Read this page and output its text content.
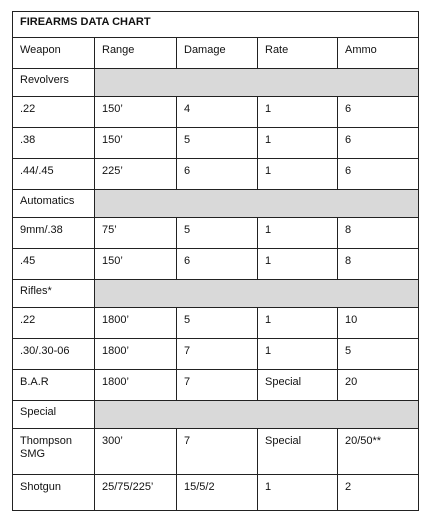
FIREARMS DATA CHART				
Weapon	Range	Damage	Rate	Ammo
Revolvers				
.22	150’	4	1	6
.38	150’	5	1	6
.44/.45	225’	6	1	6
Automatics				
9mm/.38	75’	5	1	8
.45	150’	6	1	8
Rifles*				
.22	1800’	5	1	10
.30/.30-06	1800’	7	1	5
B.A.R	1800’	7	Special	20
Special				
Thompson SMG	300’	7	Special	20/50**
Shotgun	25/75/225’	15/5/2	1	2
